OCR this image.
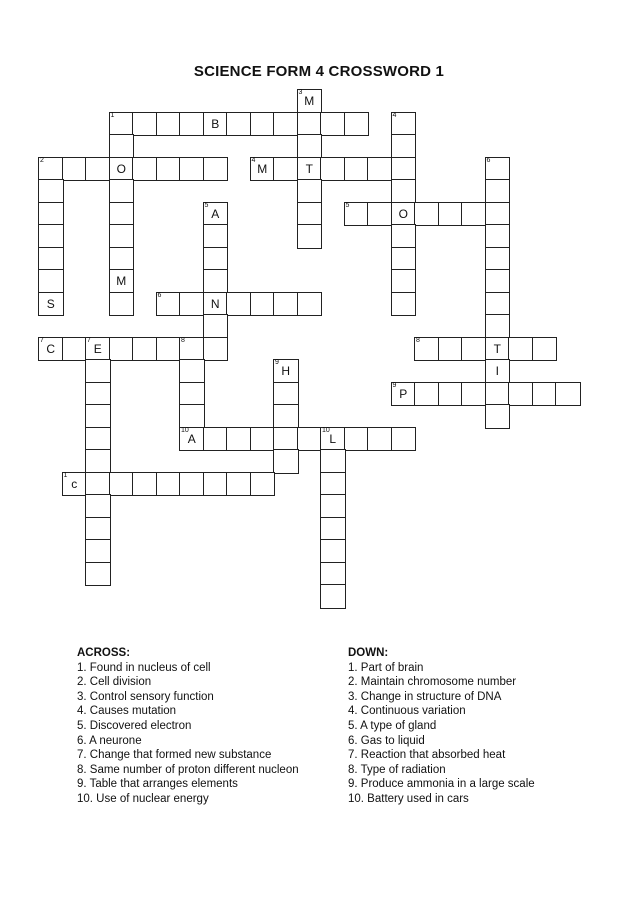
SCIENCE FORM 4 CROSSWORD 1
3
M
1
B
4
2
O
4
M	T
6
5
A
5
O
M
S
6
N
7
C
7
E
8	8
T
9
H	I
9
P
10
A
10
L
1
c
ACROSS:
1. Found in nucleus of cell
2. Cell division
3. Control sensory function
4. Causes mutation
5. Discovered electron
6. A neurone
7. Change that formed new substance
8. Same number of proton different nucleon
9. Table that arranges elements
10. Use of nuclear energy
DOWN:
1. Part of brain
2. Maintain chromosome number
3. Change in structure of DNA
4. Continuous variation
5. A type of gland
6. Gas to liquid
7. Reaction that absorbed heat
8. Type of radiation
9. Produce ammonia in a large scale
10. Battery used in cars
